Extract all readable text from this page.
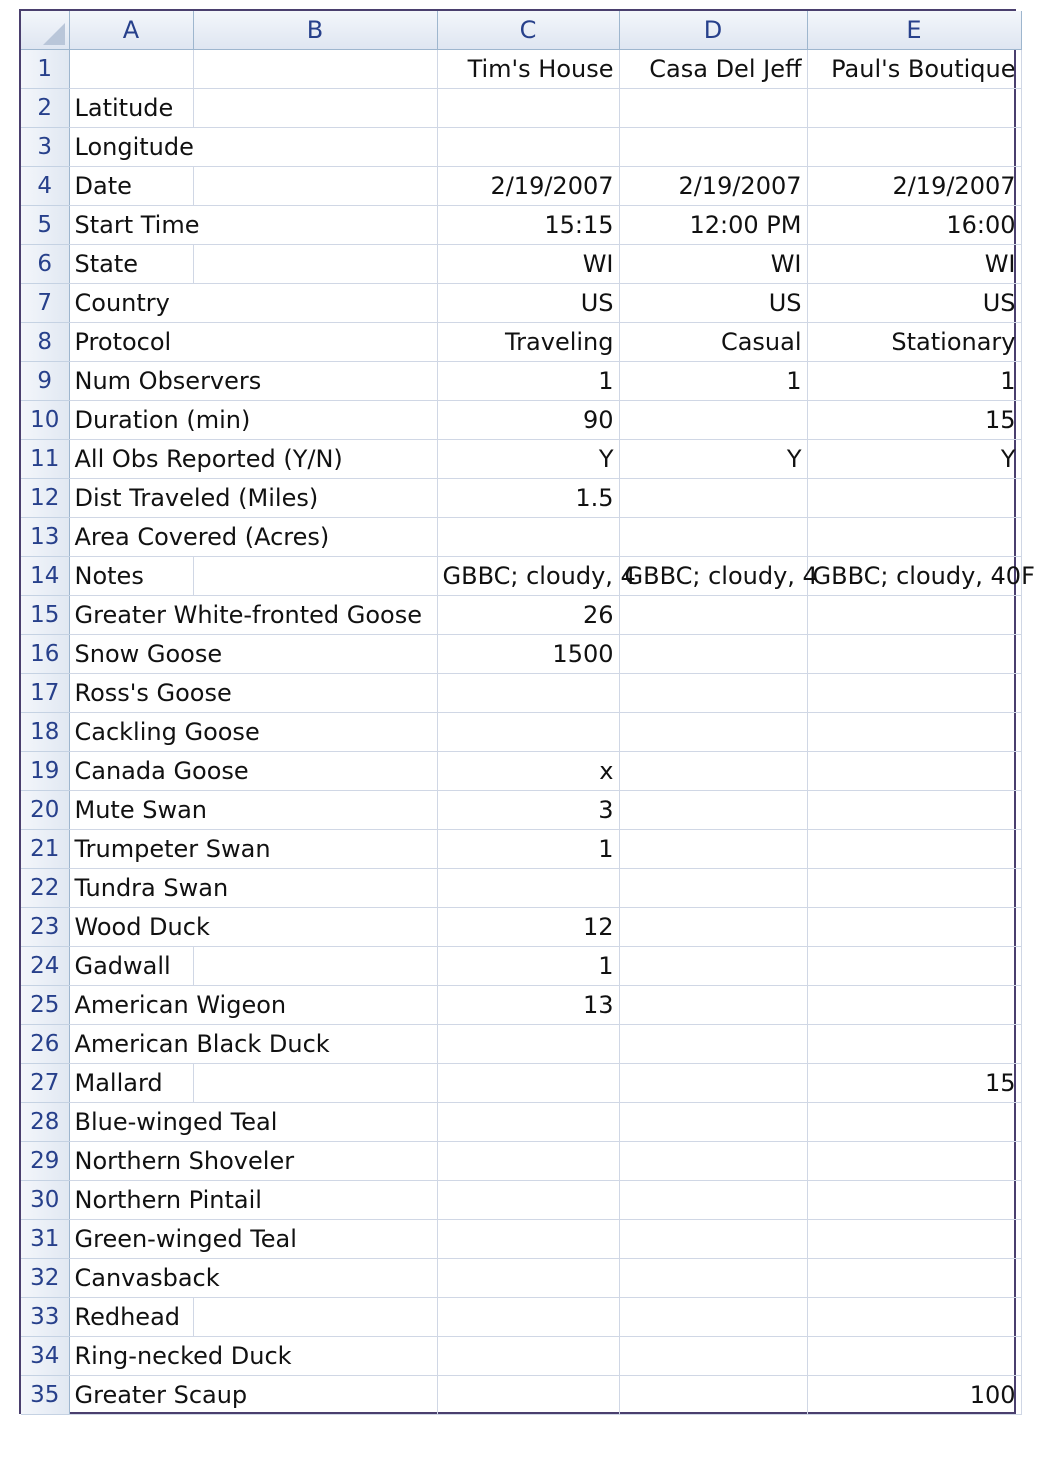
	A	B	C	D	E
1			Tim's House	Casa Del Jeff	Paul's Boutique
2	Latitude				
3	Longitude				
4	Date		2/19/2007	2/19/2007	2/19/2007
5	Start Time		15:15	12:00 PM	16:00
6	State		WI	WI	WI
7	Country		US	US	US
8	Protocol		Traveling	Casual	Stationary
9	Num Observers		1	1	1
10	Duration (min)		90		15
11	All Obs Reported (Y/N)		Y	Y	Y
12	Dist Traveled (Miles)		1.5		
13	Area Covered (Acres)				
14	Notes		GBBC; cloudy, 4	GBBC; cloudy, 4	GBBC; cloudy, 40F
15	Greater White-fronted Goose		26		
16	Snow Goose		1500		
17	Ross's Goose				
18	Cackling Goose				
19	Canada Goose		x		
20	Mute Swan		3		
21	Trumpeter Swan		1		
22	Tundra Swan				
23	Wood Duck		12		
24	Gadwall		1		
25	American Wigeon		13		
26	American Black Duck				
27	Mallard				15
28	Blue-winged Teal				
29	Northern Shoveler				
30	Northern Pintail				
31	Green-winged Teal				
32	Canvasback				
33	Redhead				
34	Ring-necked Duck				
35	Greater Scaup				100
